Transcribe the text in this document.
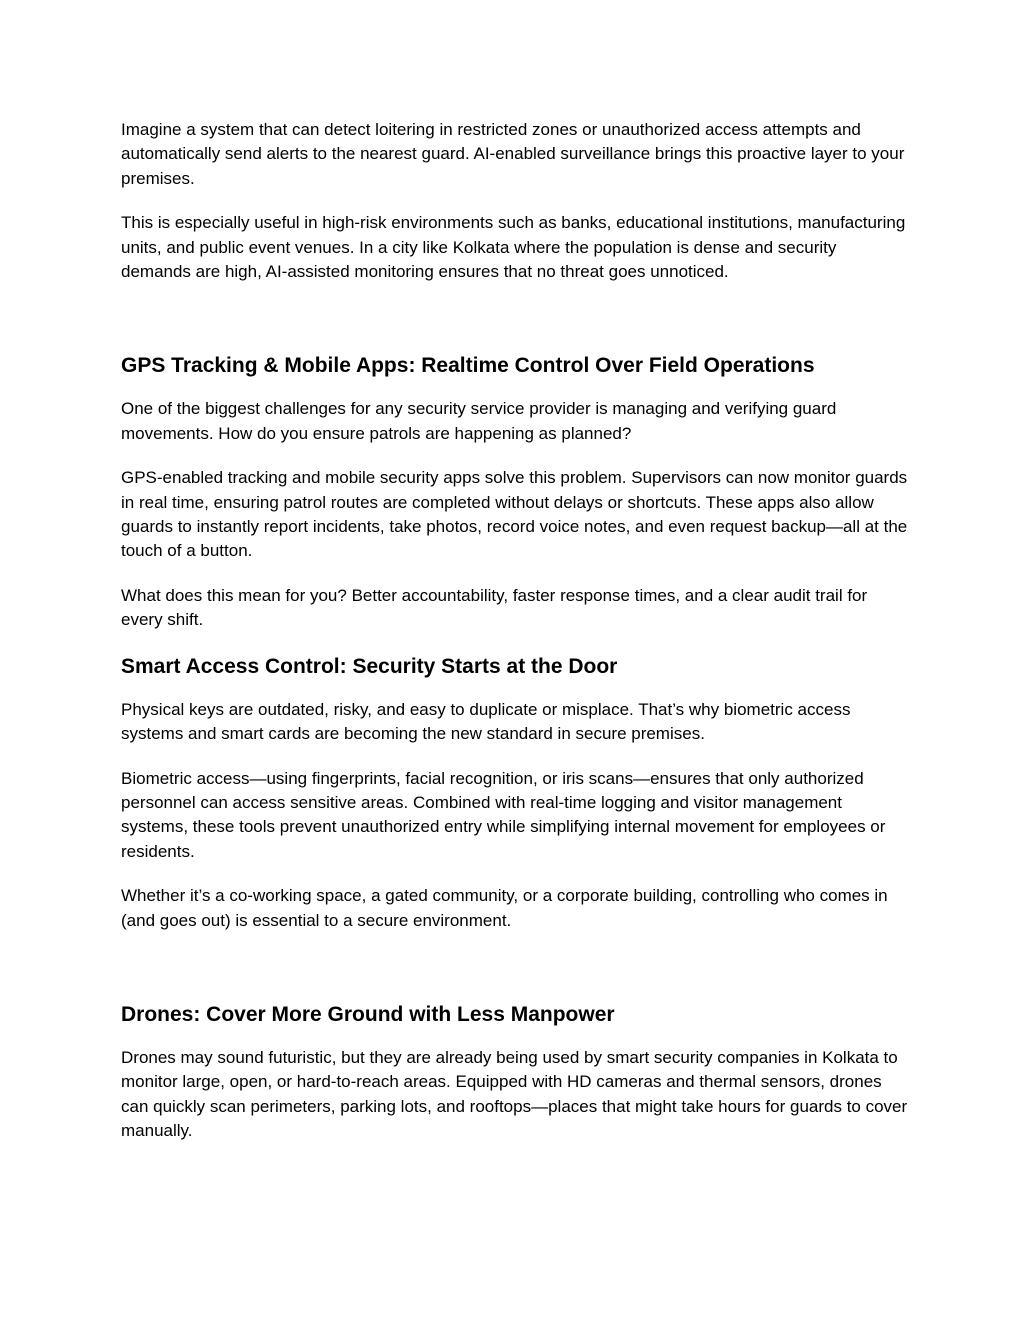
Imagine a system that can detect loitering in restricted zones or unauthorized access attempts and automatically send alerts to the nearest guard. AI-enabled surveillance brings this proactive layer to your premises.

This is especially useful in high-risk environments such as banks, educational institutions, manufacturing units, and public event venues. In a city like Kolkata where the population is dense and security demands are high, AI-assisted monitoring ensures that no threat goes unnoticed.

GPS Tracking & Mobile Apps: Realtime Control Over Field Operations

One of the biggest challenges for any security service provider is managing and verifying guard movements. How do you ensure patrols are happening as planned?

GPS-enabled tracking and mobile security apps solve this problem. Supervisors can now monitor guards in real time, ensuring patrol routes are completed without delays or shortcuts. These apps also allow guards to instantly report incidents, take photos, record voice notes, and even request backup—all at the touch of a button.

What does this mean for you? Better accountability, faster response times, and a clear audit trail for every shift.

Smart Access Control: Security Starts at the Door

Physical keys are outdated, risky, and easy to duplicate or misplace. That’s why biometric access systems and smart cards are becoming the new standard in secure premises.

Biometric access—using fingerprints, facial recognition, or iris scans—ensures that only authorized personnel can access sensitive areas. Combined with real-time logging and visitor management systems, these tools prevent unauthorized entry while simplifying internal movement for employees or residents.

Whether it’s a co-working space, a gated community, or a corporate building, controlling who comes in (and goes out) is essential to a secure environment.

Drones: Cover More Ground with Less Manpower

Drones may sound futuristic, but they are already being used by smart security companies in Kolkata to monitor large, open, or hard-to-reach areas. Equipped with HD cameras and thermal sensors, drones can quickly scan perimeters, parking lots, and rooftops—places that might take hours for guards to cover manually.
